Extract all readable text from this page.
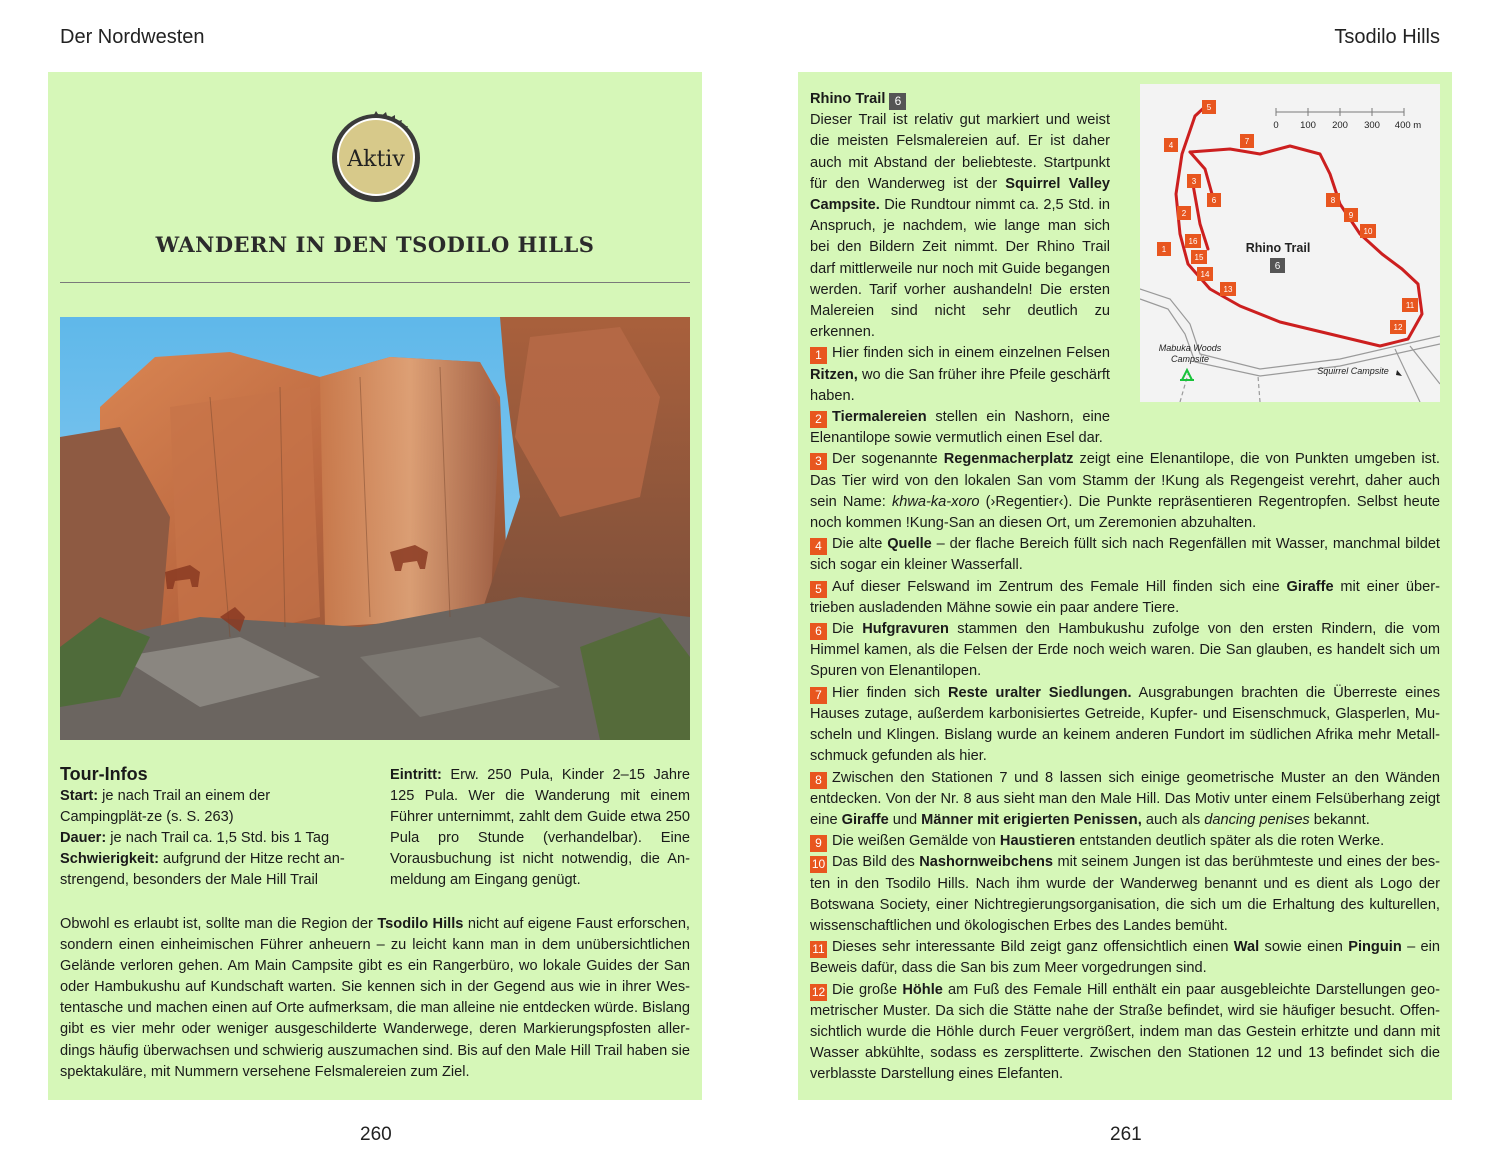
Der Nordwesten	Tsodilo Hills
Aktiv
WANDERN IN DEN TSODILO HILLS
Tour-Infos
Start: je nach Trail an einem der Campingplät-ze (s. S. 263)
Dauer: je nach Trail ca. 1,5 Std. bis 1 Tag
Schwierigkeit: aufgrund der Hitze recht an-strengend, besonders der Male Hill Trail
Eintritt: Erw. 250 Pula, Kinder 2–15 Jahre 125 Pula. Wer die Wanderung mit einem Führer unternimmt, zahlt dem Guide etwa 250 Pula pro Stunde (verhandelbar). Eine Vorausbuchung ist nicht notwendig, die An-meldung am Eingang genügt.
Obwohl es erlaubt ist, sollte man die Region der Tsodilo Hills nicht auf eigene Faust erforschen, sondern einen einheimischen Führer anheuern – zu leicht kann man in dem unübersichtlichen Gelände verloren gehen. Am Main Campsite gibt es ein Rangerbüro, wo lokale Guides der San oder Hambukushu auf Kundschaft warten. Sie kennen sich in der Gegend aus wie in ihrer Wes-tentasche und machen einen auf Orte aufmerksam, die man alleine nie entdecken würde. Bislang gibt es vier mehr oder weniger ausgeschilderte Wanderwege, deren Markierungspfosten aller-dings häufig überwachsen und schwierig auszumachen sind. Bis auf den Male Hill Trail haben sie spektakuläre, mit Nummern versehene Felsmalereien zum Ziel.
0 100 200 300 400 m
1
2
3
4
5
6
7
8
9
10
11
12
13
14
15
16	Rhino Trail
6
Mabuka Woods
Campsite
Squirrel Campsite
Rhino Trail 6
Dieser Trail ist relativ gut markiert und weist die meisten Felsmalereien auf. Er ist daher auch mit Abstand der beliebteste. Startpunkt für den Wanderweg ist der Squirrel Valley Campsite. Die Rundtour nimmt ca. 2,5 Std. in Anspruch, je nachdem, wie lange man sich bei den Bildern Zeit nimmt. Der Rhino Trail darf mittlerweile nur noch mit Guide begangen werden. Tarif vorher aushandeln! Die ersten Malereien sind nicht sehr deutlich zu erkennen.
1 Hier finden sich in einem einzelnen Felsen Ritzen, wo die San früher ihre Pfeile geschärft haben.
2 Tiermalereien stellen ein Nashorn, eine Elenantilope sowie vermutlich einen Esel dar.
3 Der sogenannte Regenmacherplatz zeigt eine Elenantilope, die von Punkten umgeben ist. Das Tier wird von den lokalen San vom Stamm der !Kung als Regengeist verehrt, daher auch sein Name: khwa-ka-xoro (›Regentier‹). Die Punkte repräsentieren Regentropfen. Selbst heute noch kommen !Kung-San an diesen Ort, um Zeremonien abzuhalten.
4 Die alte Quelle – der flache Bereich füllt sich nach Regenfällen mit Wasser, manchmal bildet sich sogar ein kleiner Wasserfall.
5 Auf dieser Felswand im Zentrum des Female Hill finden sich eine Giraffe mit einer über-trieben ausladenden Mähne sowie ein paar andere Tiere.
6 Die Hufgravuren stammen den Hambukushu zufolge von den ersten Rindern, die vom Himmel kamen, als die Felsen der Erde noch weich waren. Die San glauben, es handelt sich um Spuren von Elenantilopen.
7 Hier finden sich Reste uralter Siedlungen. Ausgrabungen brachten die Überreste eines Hauses zutage, außerdem karbonisiertes Getreide, Kupfer- und Eisenschmuck, Glasperlen, Mu-scheln und Klingen. Bislang wurde an keinem anderen Fundort im südlichen Afrika mehr Metall-schmuck gefunden als hier.
8 Zwischen den Stationen 7 und 8 lassen sich einige geometrische Muster an den Wänden entdecken. Von der Nr. 8 aus sieht man den Male Hill. Das Motiv unter einem Felsüberhang zeigt eine Giraffe und Männer mit erigierten Penissen, auch als dancing penises bekannt.
9 Die weißen Gemälde von Haustieren entstanden deutlich später als die roten Werke.
10 Das Bild des Nashornweibchens mit seinem Jungen ist das berühmteste und eines der bes-ten in den Tsodilo Hills. Nach ihm wurde der Wanderweg benannt und es dient als Logo der Botswana Society, einer Nichtregierungsorganisation, die sich um die Erhaltung des kulturellen, wissenschaftlichen und ökologischen Erbes des Landes bemüht.
11 Dieses sehr interessante Bild zeigt ganz offensichtlich einen Wal sowie einen Pinguin – ein Beweis dafür, dass die San bis zum Meer vorgedrungen sind.
12 Die große Höhle am Fuß des Female Hill enthält ein paar ausgebleichte Darstellungen geo-metrischer Muster. Da sich die Stätte nahe der Straße befindet, wird sie häufiger besucht. Offen-sichtlich wurde die Höhle durch Feuer vergrößert, indem man das Gestein erhitzte und dann mit Wasser abkühlte, sodass es zersplitterte. Zwischen den Stationen 12 und 13 befindet sich die verblasste Darstellung eines Elefanten.
260	261
